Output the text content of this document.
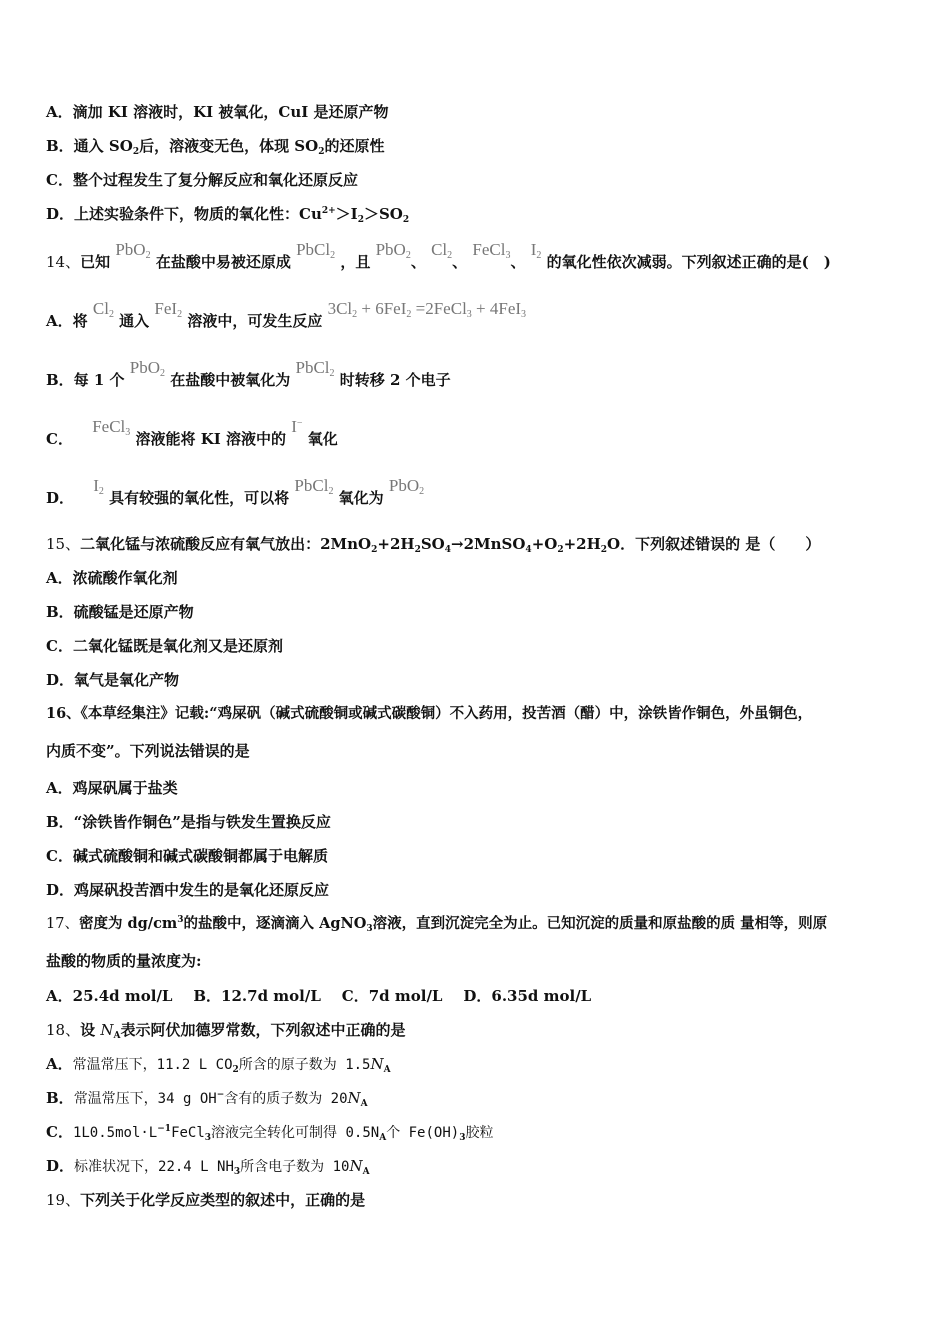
A．滴加 KI 溶液时，KI 被氧化，CuI 是还原产物
B．通入 $SO_2$后，溶液变无色，体现 $SO_2$的还原性
C．整个过程发生了复分解反应和氧化还原反应
D．上述实验条件下，物质的氧化性：$Cu^{2+}>I_2>SO_2$
14、已知 PbO$_2$ 在盐酸中易被还原成 PbCl$_2$ ，且 PbO$_2$、 $Cl_2$、 FeCl$_3$、 $I_2$ 的氧化性依次减弱。下列叙述正确的是(　)
A．将 $Cl_2$ 通入 FeI$_2$ 溶液中，可发生反应 $3Cl_2 + 6FeI_2$ =2FeCl$_3$ + 4FeI$_3$
B．每 1 个 PbO$_2$ 在盐酸中被氧化为 PbCl$_2$ 时转移 2 个电子
C． FeCl$_3$ 溶液能将 KI 溶液中的 I− 氧化
D． $I_2$ 具有较强的氧化性，可以将 PbCl$_2$ 氧化为 PbO$_2$
15、二氧化锰与浓硫酸反应有氧气放出：$2MnO_2+2H_2SO_4\to 2MnSO_4+O_2+2H_2O$．下列叙述错误的 是（　　）
A．浓硫酸作氧化剂
B．硫酸锰是还原产物
C．二氧化锰既是氧化剂又是还原剂
D．氧气是氧化产物
16、《本草经集注》记载:“鸡屎矾（碱式硫酸铜或碱式碳酸铜）不入药用，投苦酒（醋）中，涂铁皆作铜色，外虽铜色，
内质不变”。下列说法错误的是
A．鸡屎矾属于盐类
B．“涂铁皆作铜色”是指与铁发生置换反应
C．碱式硫酸铜和碱式碳酸铜都属于电解质
D．鸡屎矾投苦酒中发生的是氧化还原反应
17、密度为 $dg/cm^3$的盐酸中，逐滴滴入 AgNO$_3$溶液，直到沉淀完全为止。已知沉淀的质量和原盐酸的质 量相等，则原
盐酸的物质的量浓度为:
A．25.4d mol/L B．12.7d mol/L C．7d mol/L D．6.35d mol/L
18、设 $N_A$表示阿伏加德罗常数，下列叙述中正确的是
A．常温常压下，11.2 L $CO_2$所含的原子数为 $1.5N_A$
B．常温常压下，34 g OH−含有的质子数为 $20N_A$
C．$1L0.5mol\cdot L^{-1}FeCl_3$溶液完全转化可制得 $0.5N_A$个 $Fe(OH)_3$胶粒
D．标准状况下，22.4 L $NH_3$所含电子数为 $10N_A$
19、下列关于化学反应类型的叙述中，正确的是
